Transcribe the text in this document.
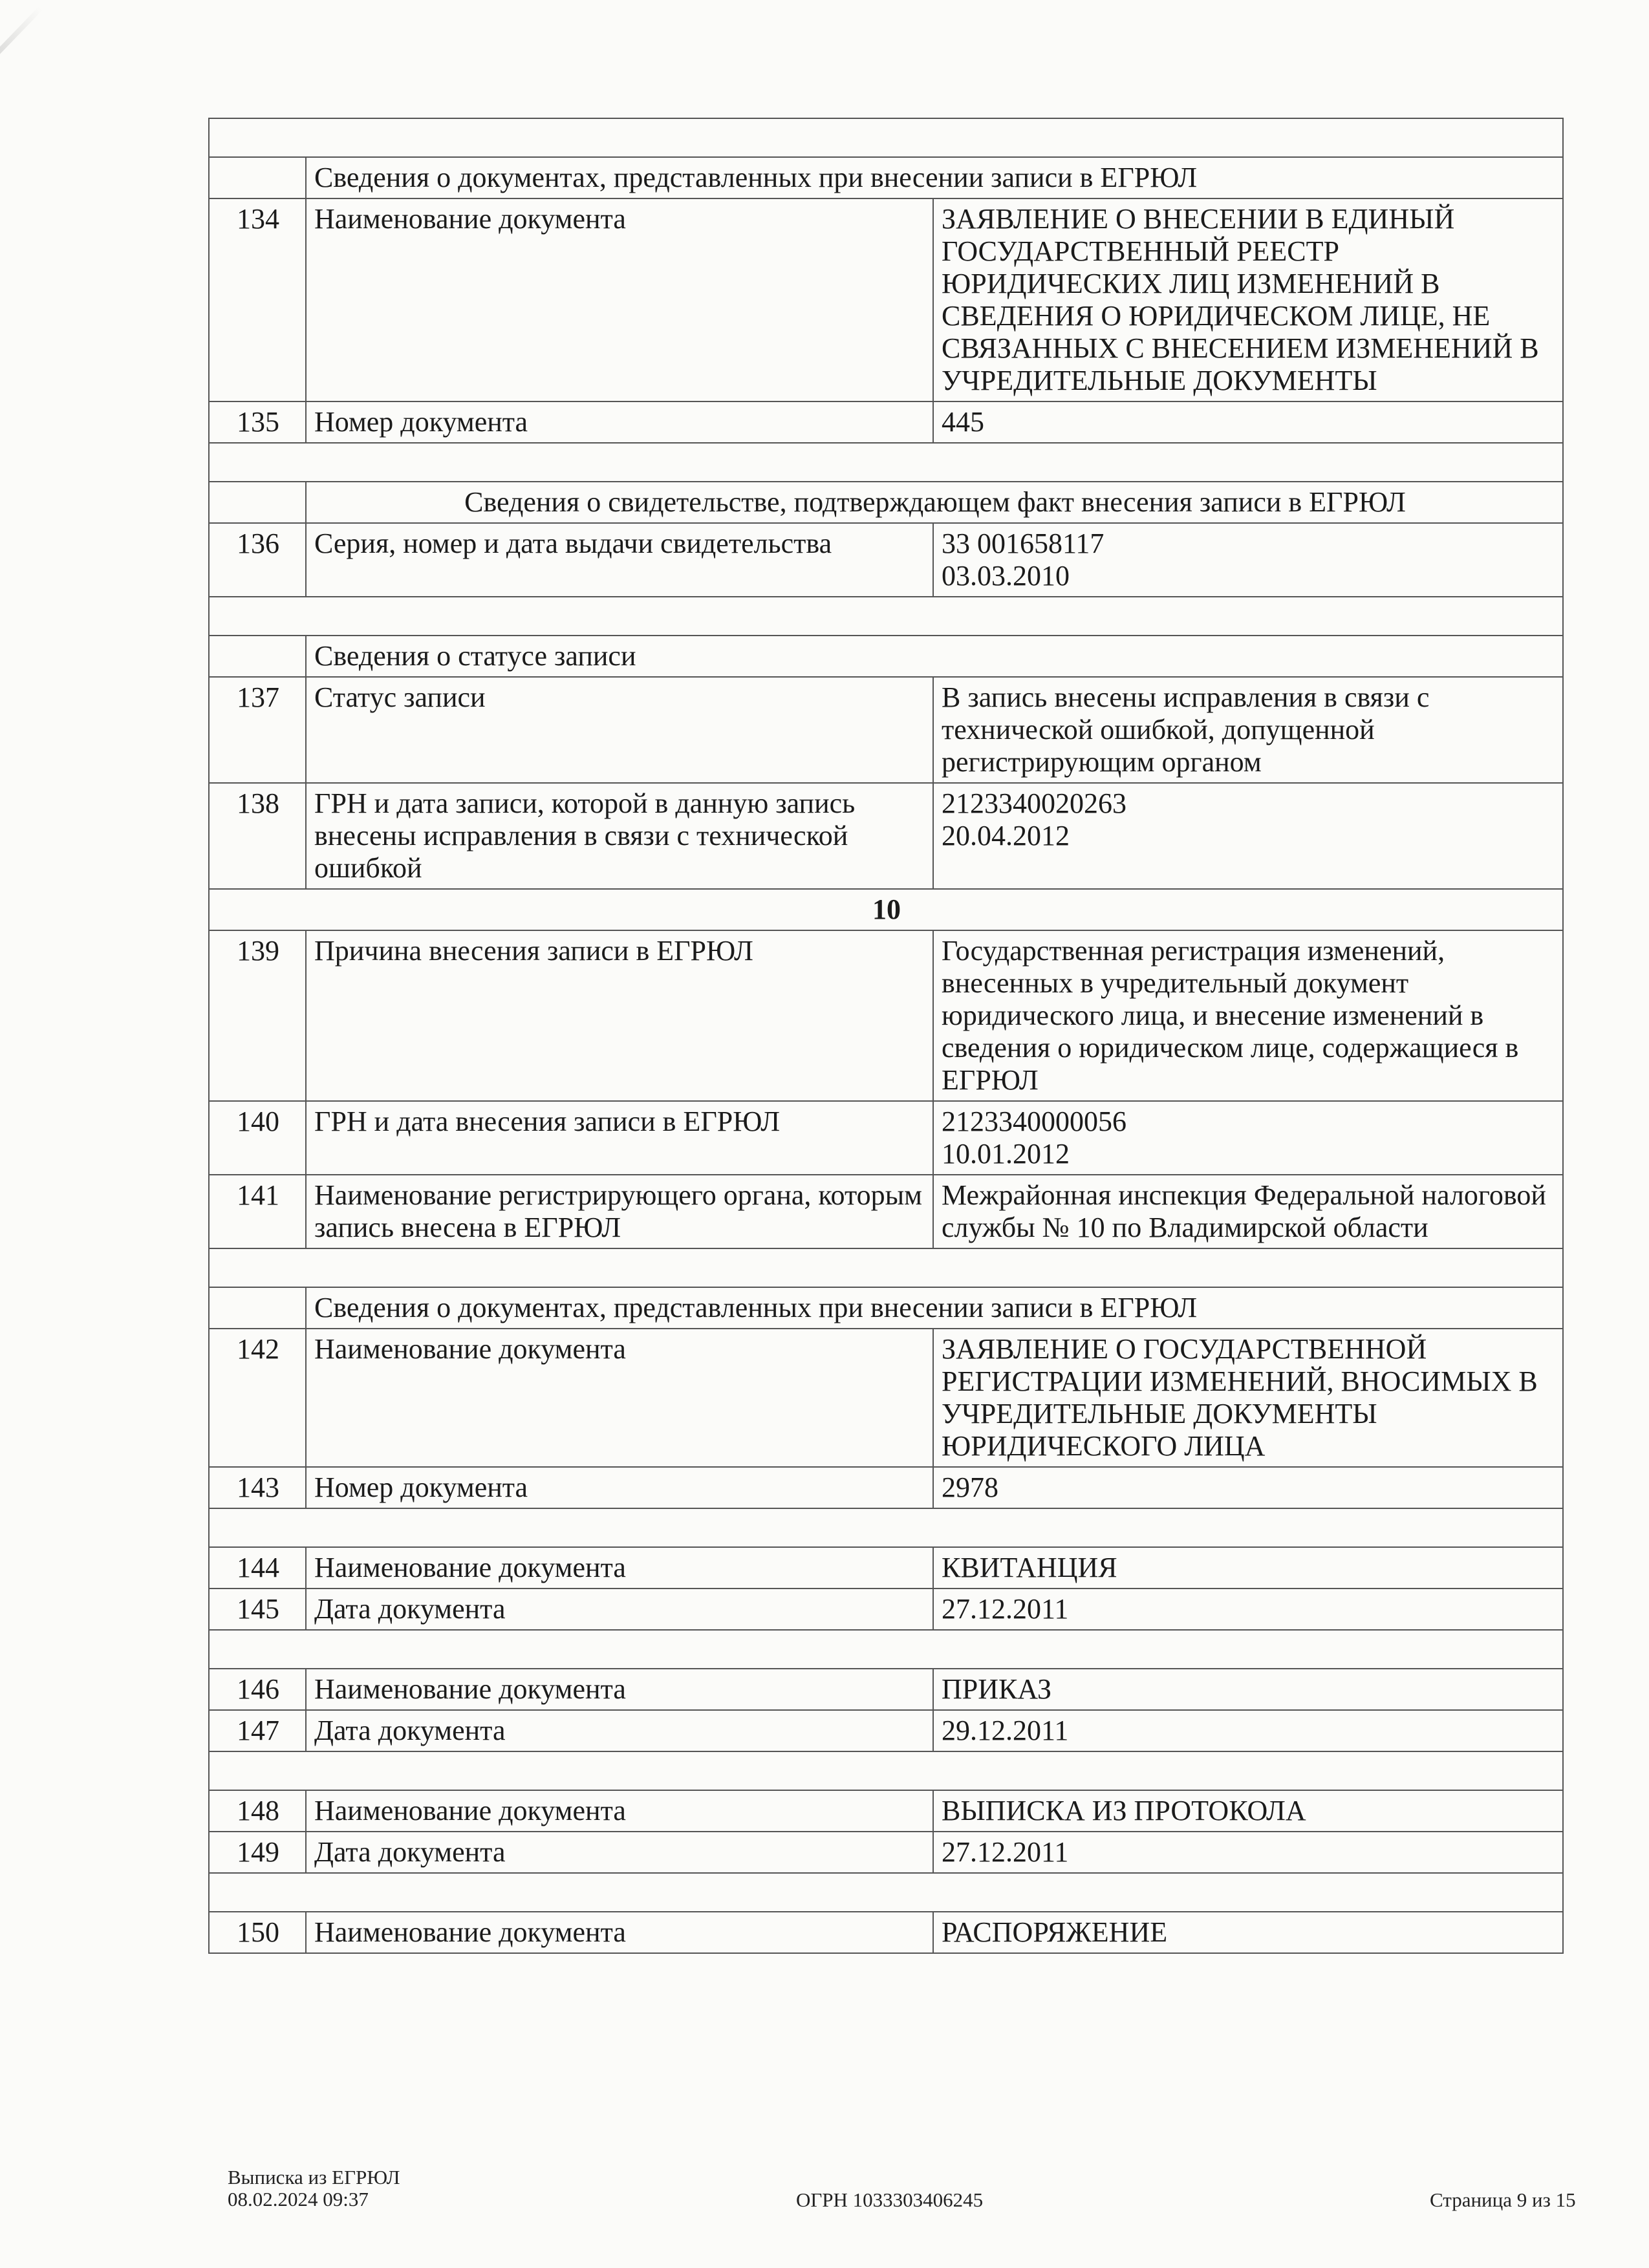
	Сведения о документах, представленных при внесении записи в ЕГРЮЛ	
134	Наименование документа	ЗАЯВЛЕНИЕ О ВНЕСЕНИИ В ЕДИНЫЙ ГОСУДАРСТВЕННЫЙ РЕЕСТР ЮРИДИЧЕСКИХ ЛИЦ ИЗМЕНЕНИЙ В СВЕДЕНИЯ О ЮРИДИЧЕСКОМ ЛИЦЕ, НЕ СВЯЗАННЫХ С ВНЕСЕНИЕМ ИЗМЕНЕНИЙ В УЧРЕДИТЕЛЬНЫЕ ДОКУМЕНТЫ
135	Номер документа	445

	Сведения о свидетельстве, подтверждающем факт внесения записи в ЕГРЮЛ	
136	Серия, номер и дата выдачи свидетельства	33 001658117
03.03.2010

	Сведения о статусе записи	
137	Статус записи	В запись внесены исправления в связи с технической ошибкой, допущенной регистрирующим органом
138	ГРН и дата записи, которой в данную запись внесены исправления в связи с технической ошибкой	2123340020263
20.04.2012
10		
139	Причина внесения записи в ЕГРЮЛ	Государственная регистрация изменений, внесенных в учредительный документ юридического лица, и внесение изменений в сведения о юридическом лице, содержащиеся в ЕГРЮЛ
140	ГРН и дата внесения записи в ЕГРЮЛ	2123340000056
10.01.2012
141	Наименование регистрирующего органа, которым запись внесена в ЕГРЮЛ	Межрайонная инспекция Федеральной налоговой службы № 10 по Владимирской области

	Сведения о документах, представленных при внесении записи в ЕГРЮЛ	
142	Наименование документа	ЗАЯВЛЕНИЕ О ГОСУДАРСТВЕННОЙ РЕГИСТРАЦИИ ИЗМЕНЕНИЙ, ВНОСИМЫХ В УЧРЕДИТЕЛЬНЫЕ ДОКУМЕНТЫ ЮРИДИЧЕСКОГО ЛИЦА
143	Номер документа	2978

144	Наименование документа	КВИТАНЦИЯ
145	Дата документа	27.12.2011

146	Наименование документа	ПРИКАЗ
147	Дата документа	29.12.2011

148	Наименование документа	ВЫПИСКА ИЗ ПРОТОКОЛА
149	Дата документа	27.12.2011

150	Наименование документа	РАСПОРЯЖЕНИЕ
Выписка из ЕГРЮЛ
08.02.2024 09:37	ОГРН 1033303406245	Страница 9 из 15
